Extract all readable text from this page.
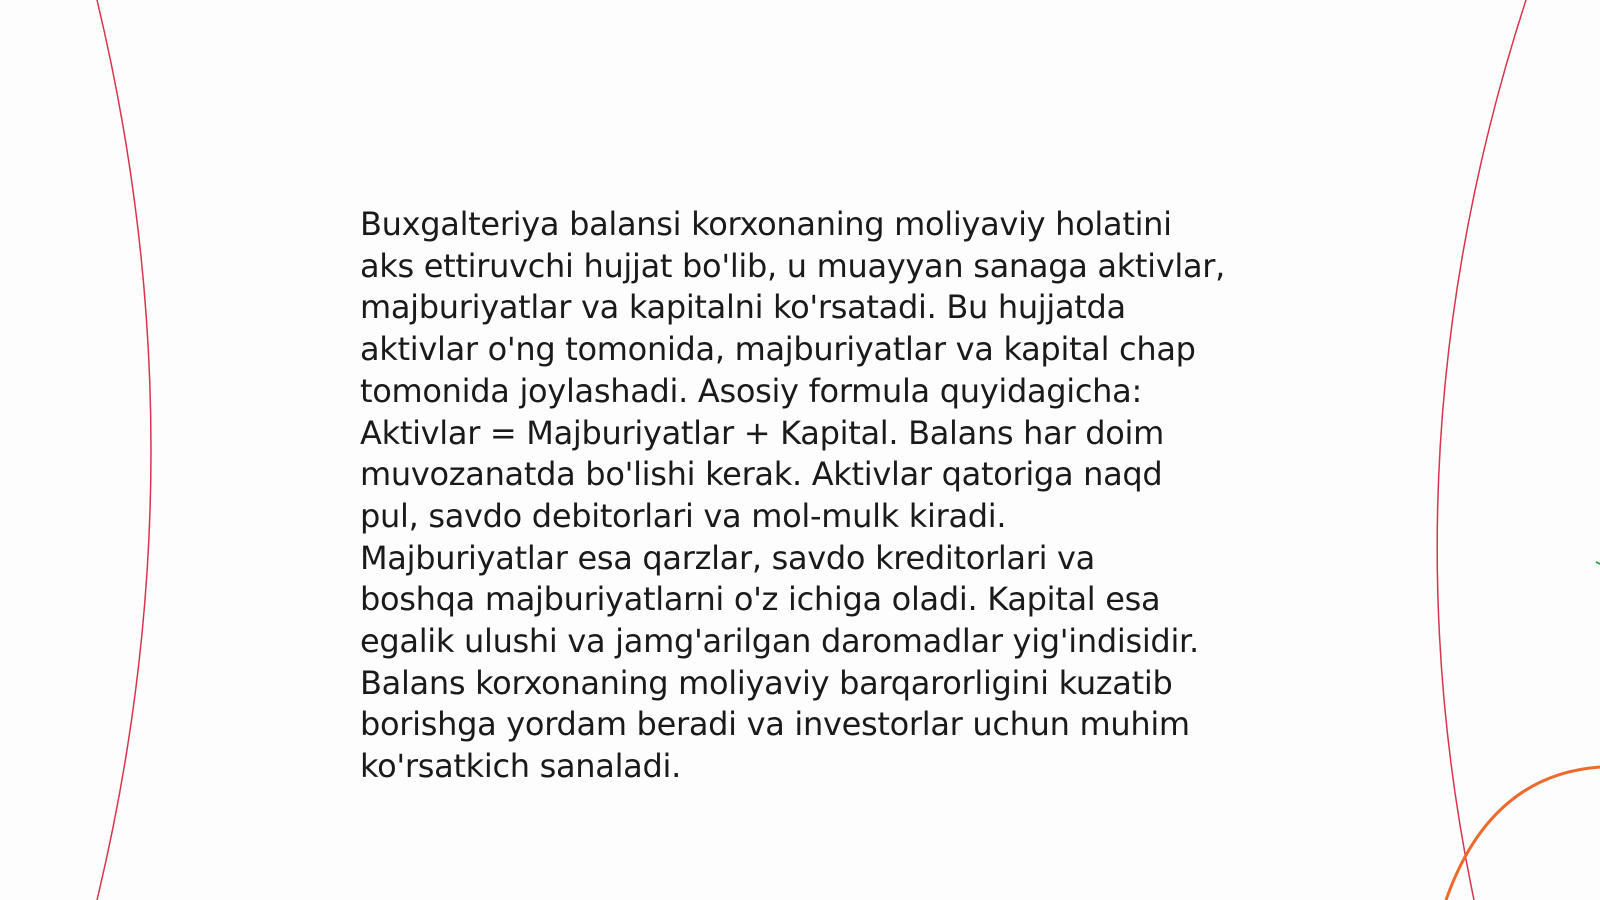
Buxgalteriya balansi korxonaning moliyaviy holatini
aks ettiruvchi hujjat bo'lib, u muayyan sanaga aktivlar,
majburiyatlar va kapitalni ko'rsatadi. Bu hujjatda
aktivlar o'ng tomonida, majburiyatlar va kapital chap
tomonida joylashadi. Asosiy formula quyidagicha:
Aktivlar = Majburiyatlar + Kapital. Balans har doim
muvozanatda bo'lishi kerak. Aktivlar qatoriga naqd
pul, savdo debitorlari va mol-mulk kiradi.
Majburiyatlar esa qarzlar, savdo kreditorlari va
boshqa majburiyatlarni o'z ichiga oladi. Kapital esa
egalik ulushi va jamg'arilgan daromadlar yig'indisidir.
Balans korxonaning moliyaviy barqarorligini kuzatib
borishga yordam beradi va investorlar uchun muhim
ko'rsatkich sanaladi.
